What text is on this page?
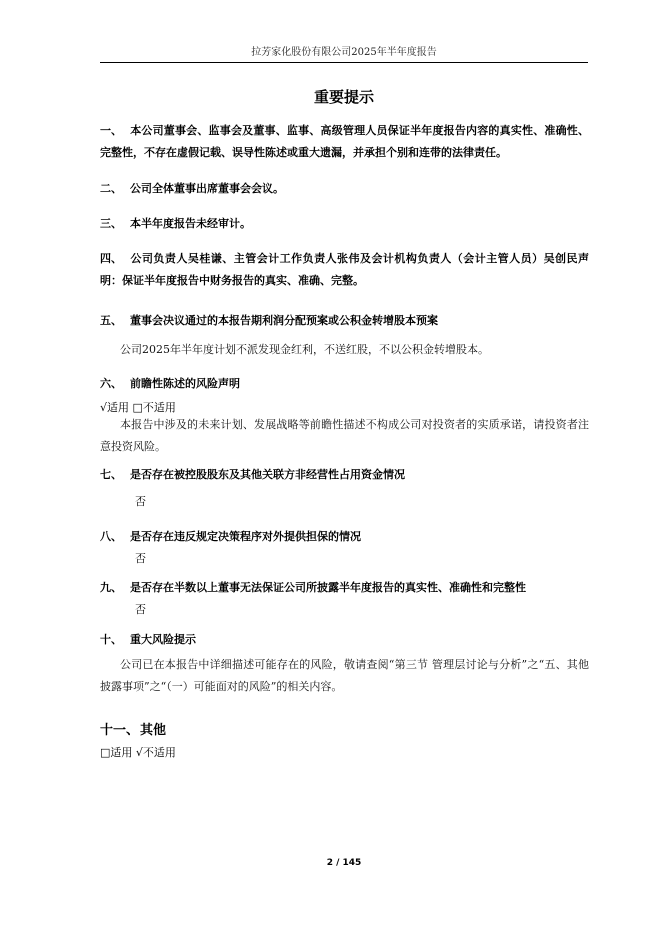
拉芳家化股份有限公司2025年半年度报告
重要提示
一、 本公司董事会、监事会及董事、监事、高级管理人员保证半年度报告内容的真实性、准确性、完整性，不存在虚假记载、误导性陈述或重大遗漏，并承担个别和连带的法律责任。
二、 公司全体董事出席董事会会议。
三、 本半年度报告未经审计。
四、 公司负责人吴桂谦、主管会计工作负责人张伟及会计机构负责人（会计主管人员）吴创民声明：保证半年度报告中财务报告的真实、准确、完整。
五、 董事会决议通过的本报告期利润分配预案或公积金转增股本预案
公司2025年半年度计划不派发现金红利，不送红股，不以公积金转增股本。
六、 前瞻性陈述的风险声明
√适用 □不适用
本报告中涉及的未来计划、发展战略等前瞻性描述不构成公司对投资者的实质承诺，请投资者注意投资风险。
七、 是否存在被控股股东及其他关联方非经营性占用资金情况
否
八、 是否存在违反规定决策程序对外提供担保的情况
否
九、 是否存在半数以上董事无法保证公司所披露半年度报告的真实性、准确性和完整性
否
十、 重大风险提示
公司已在本报告中详细描述可能存在的风险，敬请查阅“第三节 管理层讨论与分析”之“五、其他披露事项”之“（一）可能面对的风险”的相关内容。
十一、其他
□适用 √不适用
2 / 145
